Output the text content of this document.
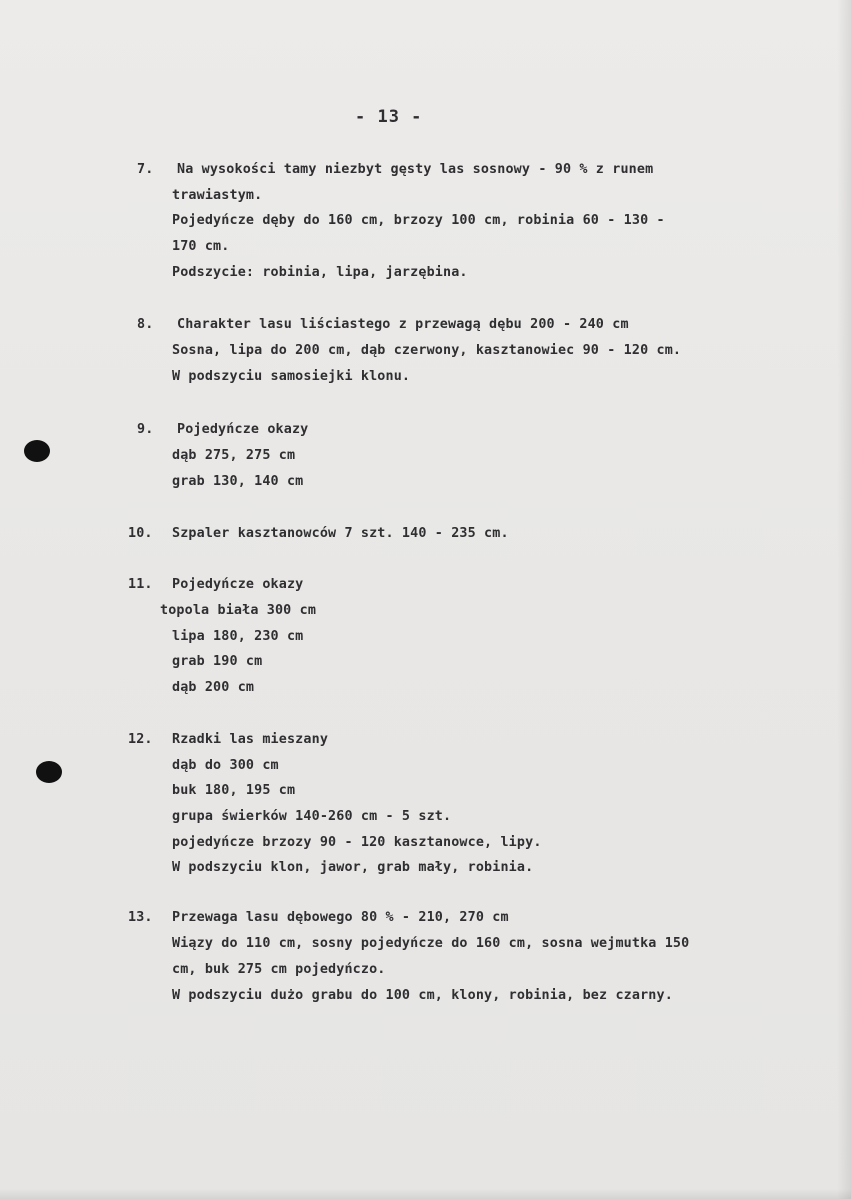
- 13 -
7. Na wysokości tamy niezbyt gęsty las sosnowy - 90 % z runem
trawiastym.
Pojedyńcze dęby do 160 cm, brzozy 100 cm, robinia 60 - 130 -
170 cm.
Podszycie: robinia, lipa, jarzębina.
8. Charakter lasu liściastego z przewagą dębu 200 - 240 cm
Sosna, lipa do 200 cm, dąb czerwony, kasztanowiec 90 - 120 cm.
W podszyciu samosiejki klonu.
9. Pojedyńcze okazy
dąb 275, 275 cm
grab 130, 140 cm
10. Szpaler kasztanowców 7 szt. 140 - 235 cm.
11. Pojedyńcze okazy
topola biała 300 cm
lipa 180, 230 cm
grab 190 cm
dąb 200 cm
12. Rzadki las mieszany
dąb do 300 cm
buk 180, 195 cm
grupa świerków 140-260 cm - 5 szt.
pojedyńcze brzozy 90 - 120 kasztanowce, lipy.
W podszyciu klon, jawor, grab mały, robinia.
13. Przewaga lasu dębowego 80 % - 210, 270 cm
Wiązy do 110 cm, sosny pojedyńcze do 160 cm, sosna wejmutka 150
cm, buk 275 cm pojedyńczo.
W podszyciu dużo grabu do 100 cm, klony, robinia, bez czarny.
